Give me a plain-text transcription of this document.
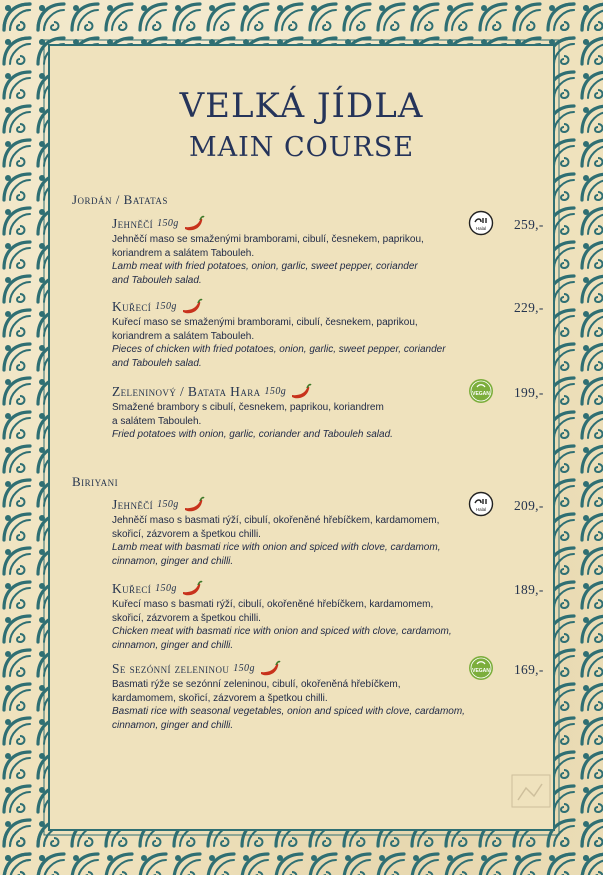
VELKÁ JÍDLA
MAIN COURSE
Jordán / Batatas
Jehněčí 150g
Jehněčí maso se smaženými bramborami, cibulí, česnekem, paprikou,
koriandrem a salátem Tabouleh.
Lamb meat with fried potatoes, onion, garlic, sweet pepper, coriander
and Tabouleh salad.
Halal 259,-
Kuřecí 150g
Kuřecí maso se smaženými bramborami, cibulí, česnekem, paprikou,
koriandrem a salátem Tabouleh.
Pieces of chicken with fried potatoes, onion, garlic, sweet pepper, coriander
and Tabouleh salad.
229,-
Zeleninový / Batata Hara 150g
Smažené brambory s cibulí, česnekem, paprikou, koriandrem
a salátem Tabouleh.
Fried potatoes with onion, garlic, coriander and Tabouleh salad.
VEGAN 199,-
Biriyani
Jehněčí 150g
Jehněčí maso s basmati rýží, cibulí, okořeněné hřebíčkem, kardamomem,
skořicí, zázvorem a špetkou chilli.
Lamb meat with basmati rice with onion and spiced with clove, cardamom,
cinnamon, ginger and chilli.
Halal 209,-
Kuřecí 150g
Kuřecí maso s basmati rýží, cibulí, okořeněné hřebíčkem, kardamomem,
skořicí, zázvorem a špetkou chilli.
Chicken meat with basmati rice with onion and spiced with clove, cardamom,
cinnamon, ginger and chilli.
189,-
Se sezónní zeleninou 150g
Basmati rýže se sezónní zeleninou, cibulí, okořeněná hřebíčkem,
kardamomem, skořicí, zázvorem a špetkou chilli.
Basmati rice with seasonal vegetables, onion and spiced with clove, cardamom,
cinnamon, ginger and chilli.
VEGAN 169,-
